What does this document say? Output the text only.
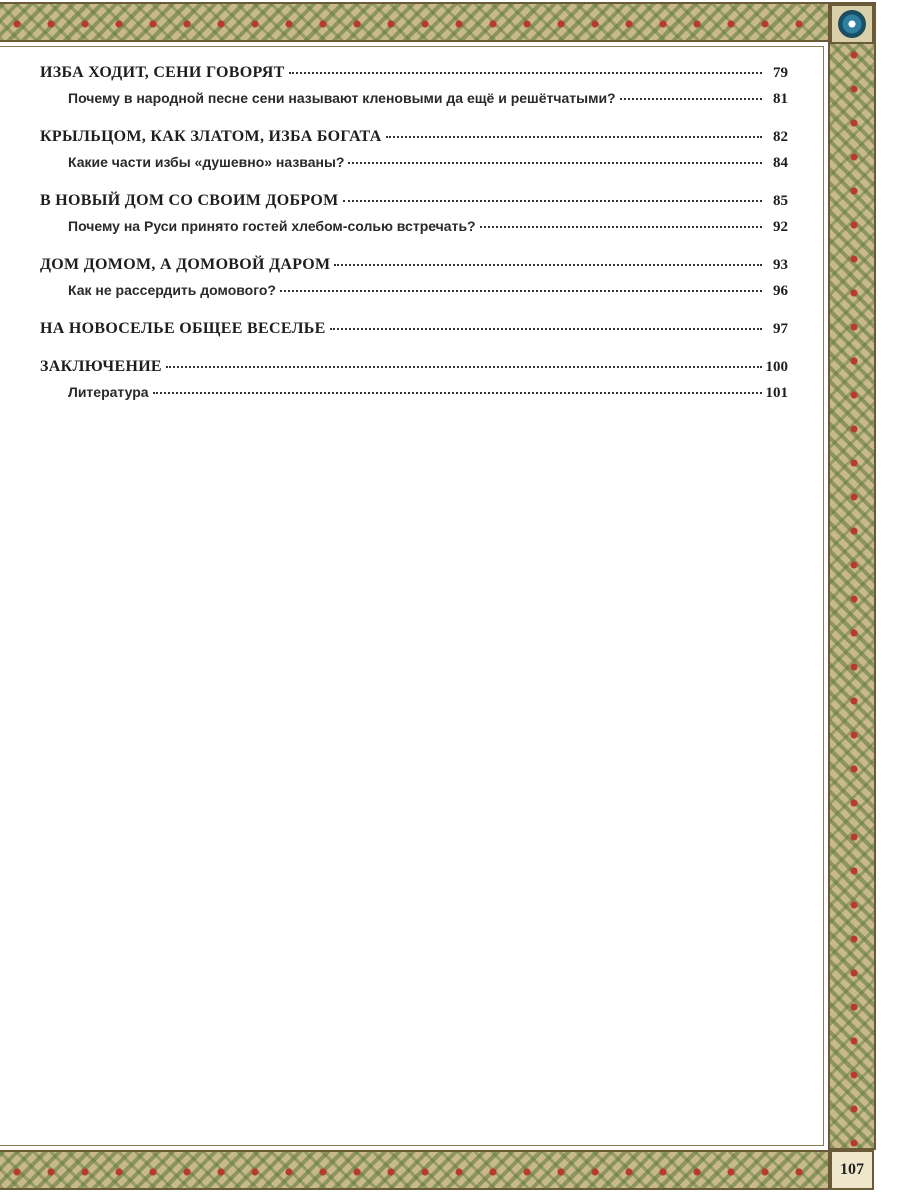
107
ИЗБА ХОДИТ, СЕНИ ГОВОРЯТ	79
Почему в народной песне сени называют кленовыми да ещё и решётчатыми?	81
КРЫЛЬЦОМ, КАК ЗЛАТОМ, ИЗБА БОГАТА	82
Какие части избы «душевно» названы?	84
В НОВЫЙ ДОМ СО СВОИМ ДОБРОМ	85
Почему на Руси принято гостей хлебом-солью встречать?	92
ДОМ ДОМОМ, А ДОМОВОЙ ДАРОМ	93
Как не рассердить домового?	96
НА НОВОСЕЛЬЕ ОБЩЕЕ ВЕСЕЛЬЕ	97
ЗАКЛЮЧЕНИЕ	100
Литература	101
